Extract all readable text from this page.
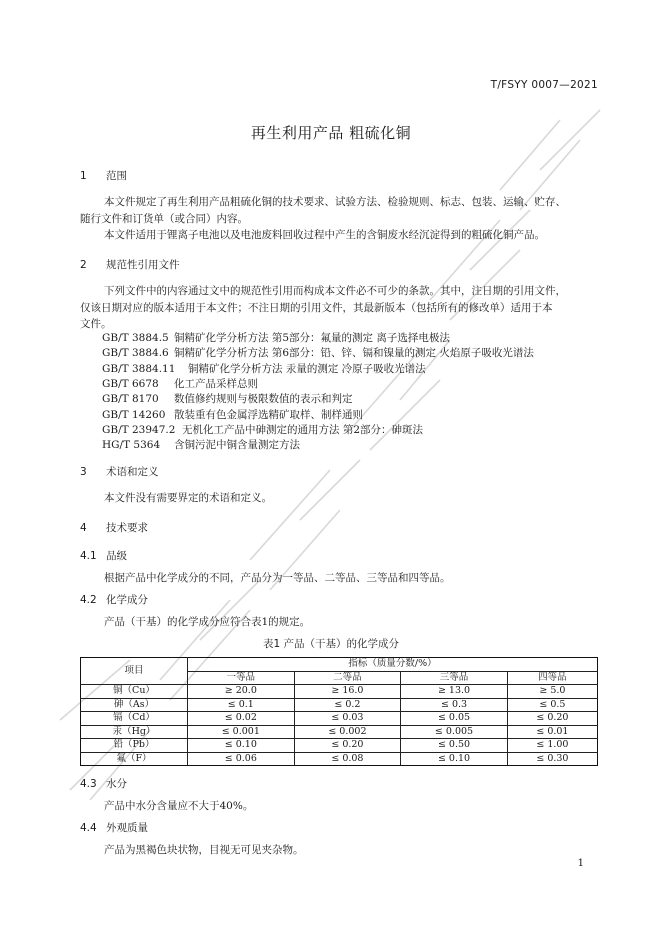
T/FSYY 0007—2021
再生利用产品 粗硫化铜
1 范围
本文件规定了再生利用产品粗硫化铜的技术要求、试验方法、检验规则、标志、包装、运输、贮存、
随行文件和订货单（或合同）内容。
本文件适用于锂离子电池以及电池废料回收过程中产生的含铜废水经沉淀得到的粗硫化铜产品。
2 规范性引用文件
下列文件中的内容通过文中的规范性引用而构成本文件必不可少的条款。其中，注日期的引用文件，
仅该日期对应的版本适用于本文件；不注日期的引用文件，其最新版本（包括所有的修改单）适用于本
文件。
GB/T 3884.5 铜精矿化学分析方法 第5部分：氟量的测定 离子选择电极法
GB/T 3884.6 铜精矿化学分析方法 第6部分：铅、锌、镉和镍量的测定 火焰原子吸收光谱法
GB/T 3884.11 铜精矿化学分析方法 汞量的测定 冷原子吸收光谱法
GB/T 6678 化工产品采样总则
GB/T 8170 数值修约规则与极限数值的表示和判定
GB/T 14260 散装重有色金属浮选精矿取样、制样通则
GB/T 23947.2 无机化工产品中砷测定的通用方法 第2部分：砷斑法
HG/T 5364 含铜污泥中铜含量测定方法
3 术语和定义
本文件没有需要界定的术语和定义。
4 技术要求
4.1 品级
根据产品中化学成分的不同，产品分为一等品、二等品、三等品和四等品。
4.2 化学成分
产品（干基）的化学成分应符合表1的规定。
表1 产品（干基）的化学成分
项目	指标（质量分数/%）			
	一等品	二等品	三等品	四等品
铜（Cu）	≥ 20.0	≥ 16.0	≥ 13.0	≥ 5.0
砷（As）	≤ 0.1	≤ 0.2	≤ 0.3	≤ 0.5
镉（Cd）	≤ 0.02	≤ 0.03	≤ 0.05	≤ 0.20
汞（Hg）	≤ 0.001	≤ 0.002	≤ 0.005	≤ 0.01
铅（Pb）	≤ 0.10	≤ 0.20	≤ 0.50	≤ 1.00
氟（F）	≤ 0.06	≤ 0.08	≤ 0.10	≤ 0.30
4.3 水分
产品中水分含量应不大于40%。
4.4 外观质量
产品为黑褐色块状物，目视无可见夹杂物。
1
